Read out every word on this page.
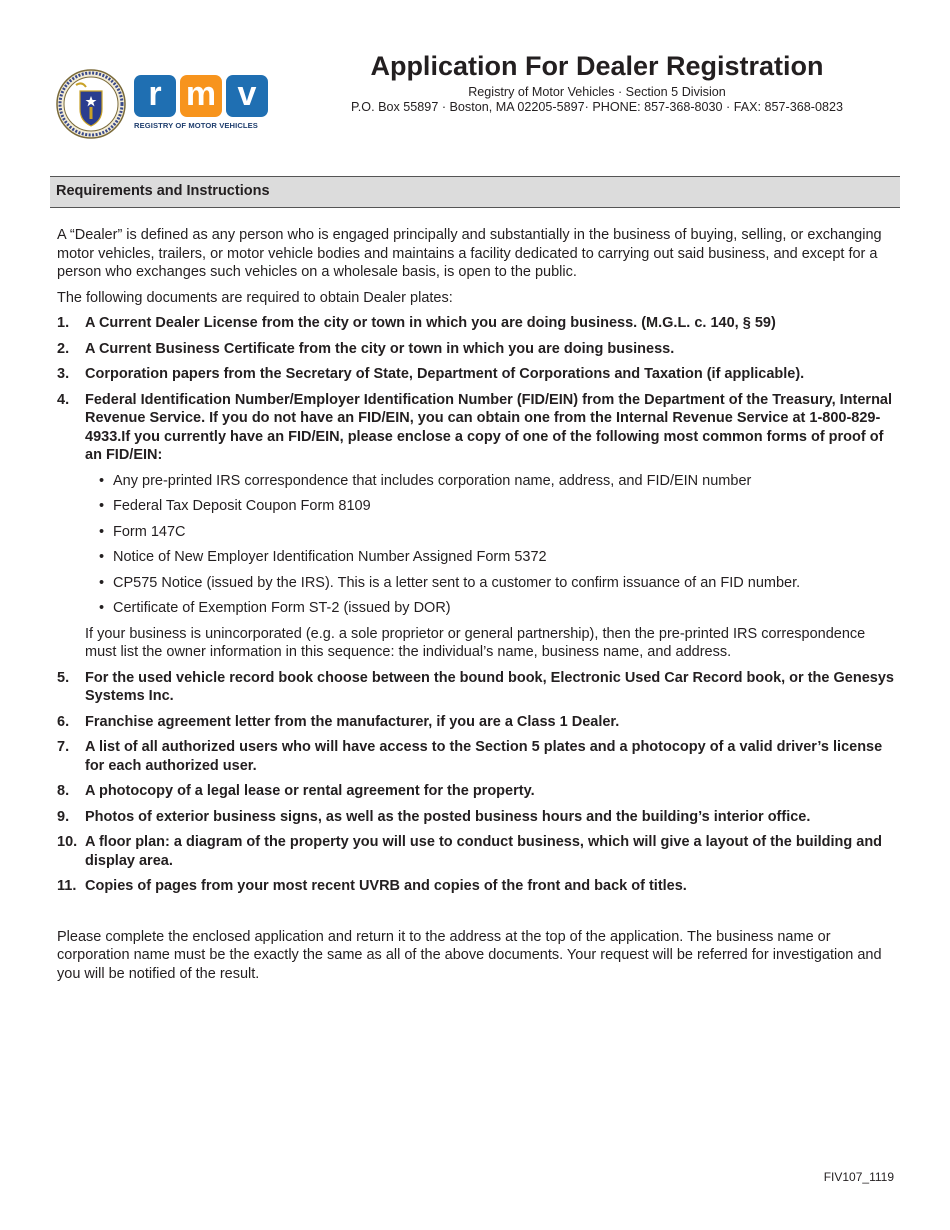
r m v
REGISTRY OF MOTOR VEHICLES
Application For Dealer Registration
Registry of Motor Vehicles · Section 5 Division
P.O. Box 55897 · Boston, MA 02205-5897· PHONE: 857-368-8030 · FAX: 857-368-0823
Requirements and Instructions

A “Dealer” is defined as any person who is engaged principally and substantially in the business of buying, selling, or exchanging motor vehicles, trailers, or motor vehicle bodies and maintains a facility dedicated to carrying out said business, and except for a person who exchanges such vehicles on a wholesale basis, is open to the public.

The following documents are required to obtain Dealer plates:

1. A Current Dealer License from the city or town in which you are doing business. (M.G.L. c. 140, § 59)
2. A Current Business Certificate from the city or town in which you are doing business.
3. Corporation papers from the Secretary of State, Department of Corporations and Taxation (if applicable).
4. Federal Identification Number/Employer Identification Number (FID/EIN) from the Department of the Treasury, Internal Revenue Service. If you do not have an FID/EIN, you can obtain one from the Internal Revenue Service at 1-800-829-4933.If you currently have an FID/EIN, please enclose a copy of one of the following most common forms of proof of an FID/EIN:
• Any pre-printed IRS correspondence that includes corporation name, address, and FID/EIN number
• Federal Tax Deposit Coupon Form 8109
• Form 147C
• Notice of New Employer Identification Number Assigned Form 5372
• CP575 Notice (issued by the IRS). This is a letter sent to a customer to confirm issuance of an FID number.
• Certificate of Exemption Form ST-2 (issued by DOR)

If your business is unincorporated (e.g. a sole proprietor or general partnership), then the pre-printed IRS correspondence must list the owner information in this sequence: the individual’s name, business name, and address.

5. For the used vehicle record book choose between the bound book, Electronic Used Car Record book, or the Genesys Systems Inc.
6. Franchise agreement letter from the manufacturer, if you are a Class 1 Dealer.
7. A list of all authorized users who will have access to the Section 5 plates and a photocopy of a valid driver’s license for each authorized user.
8. A photocopy of a legal lease or rental agreement for the property.
9. Photos of exterior business signs, as well as the posted business hours and the building’s interior office.
10. A floor plan: a diagram of the property you will use to conduct business, which will give a layout of the building and display area.
11. Copies of pages from your most recent UVRB and copies of the front and back of titles.

Please complete the enclosed application and return it to the address at the top of the application. The business name or corporation name must be the exactly the same as all of the above documents. Your request will be referred for investigation and you will be notified of the result.

FIV107_1119
